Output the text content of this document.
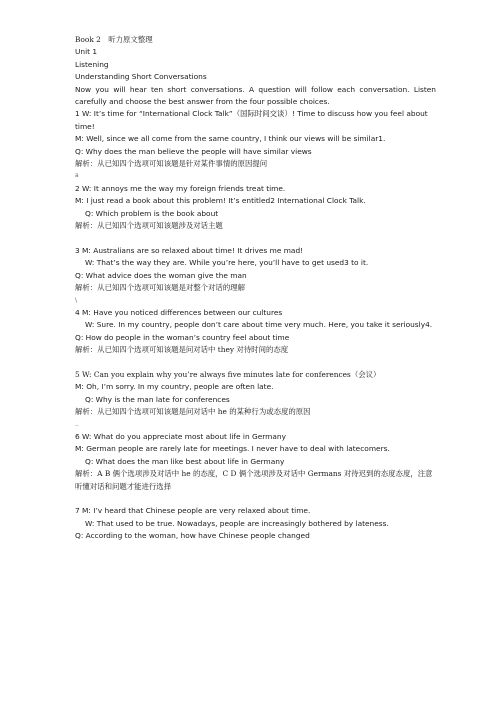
Book 2　听力原文整理
Unit 1
Listening
Understanding Short Conversations
Now you will hear ten short conversations. A question will follow each conversation. Listen carefully and choose the best answer from the four possible choices.
1 W: It’s time for “International Clock Talk”（国际时间交谈）! Time to discuss how you feel about time!
M: Well, since we all come from the same country, I think our views will be similar1.
Q: Why does the man believe the people will have similar views
解析：从已知四个选项可知该题是针对某件事情的原因提问
a
2 W: It annoys me the way my foreign friends treat time.
M: I just read a book about this problem! It’s entitled2 International Clock Talk.
Q: Which problem is the book about
解析：从已知四个选项可知该题涉及对话主题
3 M: Australians are so relaxed about time! It drives me mad!
W: That’s the way they are. While you’re here, you’ll have to get used3 to it.
Q: What advice does the woman give the man
解析：从已知四个选项可知该题是对整个对话的理解
\
4 M: Have you noticed differences between our cultures
W: Sure. In my country, people don’t care about time very much. Here, you take it seriously4.
Q: How do people in the woman’s country feel about time
解析：从已知四个选项可知该题是问对话中 they 对待时间的态度
5 W: Can you explain why you’re always five minutes late for conferences（会议）
M: Oh, I’m sorry. In my country, people are often late.
Q: Why is the man late for conferences
解析：从已知四个选项可知该题是问对话中 he 的某种行为或态度的原因
..
6 W: What do you appreciate most about life in Germany
M: German people are rarely late for meetings. I never have to deal with latecomers.
Q: What does the man like best about life in Germany
解析：A B 俩个选项涉及对话中 he 的态度，C D 俩个选项涉及对话中 Germans 对待迟到的态度态度，注意听懂对话和问题才能进行选择
7 M: I’v heard that Chinese people are very relaxed about time.
W: That used to be true. Nowadays, people are increasingly bothered by lateness.
Q: According to the woman, how have Chinese people changed
